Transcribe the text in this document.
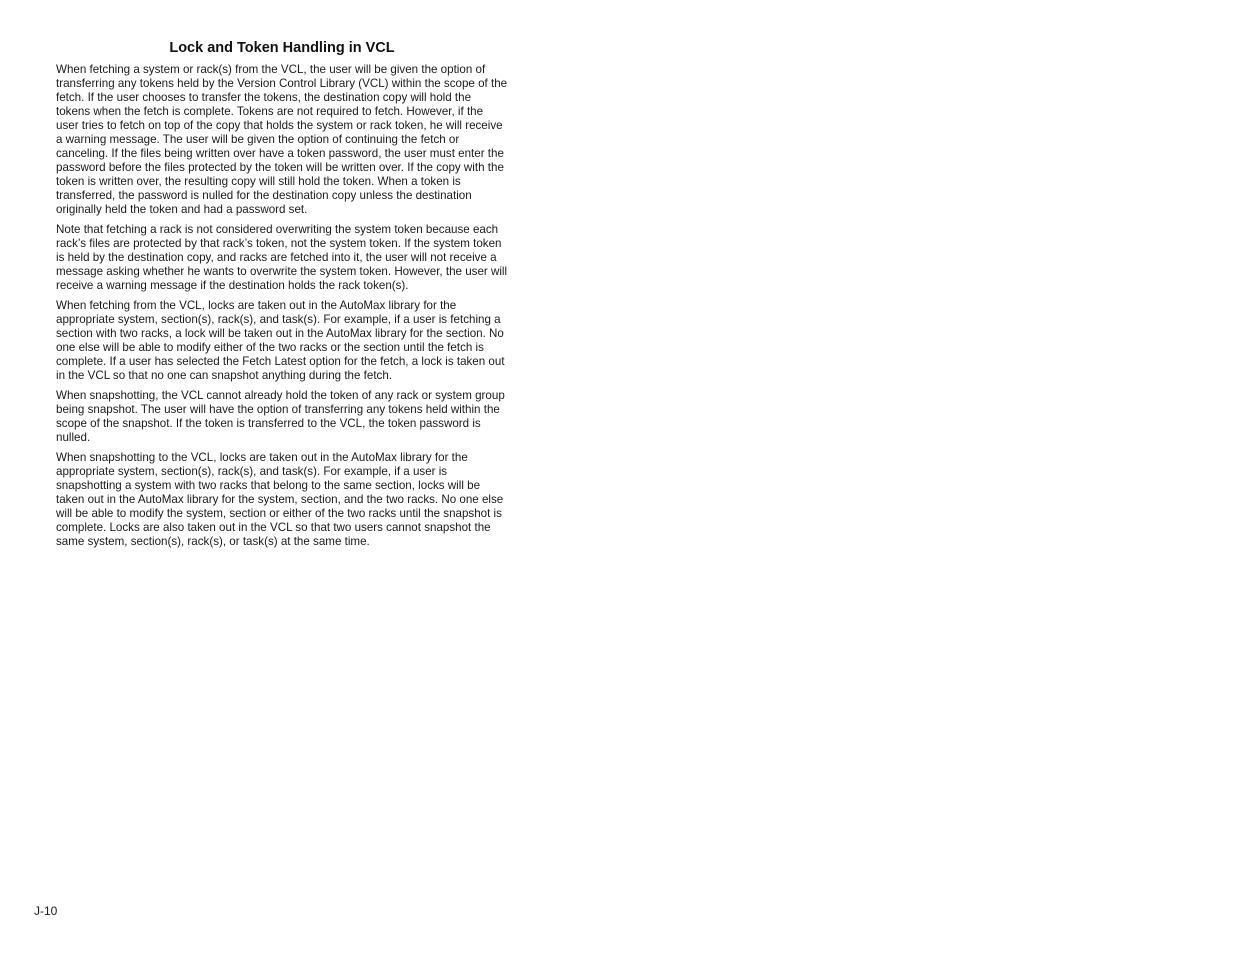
Lock and Token Handling in VCL

When fetching a system or rack(s) from the VCL, the user will be given the option of transferring any tokens held by the Version Control Library (VCL) within the scope of the fetch. If the user chooses to transfer the tokens, the destination copy will hold the tokens when the fetch is complete. Tokens are not required to fetch. However, if the user tries to fetch on top of the copy that holds the system or rack token, he will receive a warning message. The user will be given the option of continuing the fetch or canceling. If the files being written over have a token password, the user must enter the password before the files protected by the token will be written over. If the copy with the token is written over, the resulting copy will still hold the token. When a token is transferred, the password is nulled for the destination copy unless the destination originally held the token and had a password set.

Note that fetching a rack is not considered overwriting the system token because each rack’s files are protected by that rack’s token, not the system token. If the system token is held by the destination copy, and racks are fetched into it, the user will not receive a message asking whether he wants to overwrite the system token. However, the user will receive a warning message if the destination holds the rack token(s).

When fetching from the VCL, locks are taken out in the AutoMax library for the appropriate system, section(s), rack(s), and task(s). For example, if a user is fetching a section with two racks, a lock will be taken out in the AutoMax library for the section. No one else will be able to modify either of the two racks or the section until the fetch is complete. If a user has selected the Fetch Latest option for the fetch, a lock is taken out in the VCL so that no one can snapshot anything during the fetch.

When snapshotting, the VCL cannot already hold the token of any rack or system group being snapshot. The user will have the option of transferring any tokens held within the scope of the snapshot. If the token is transferred to the VCL, the token password is nulled.

When snapshotting to the VCL, locks are taken out in the AutoMax library for the appropriate system, section(s), rack(s), and task(s). For example, if a user is snapshotting a system with two racks that belong to the same section, locks will be taken out in the AutoMax library for the system, section, and the two racks. No one else will be able to modify the system, section or either of the two racks until the snapshot is complete. Locks are also taken out in the VCL so that two users cannot snapshot the same system, section(s), rack(s), or task(s) at the same time.

J-10
